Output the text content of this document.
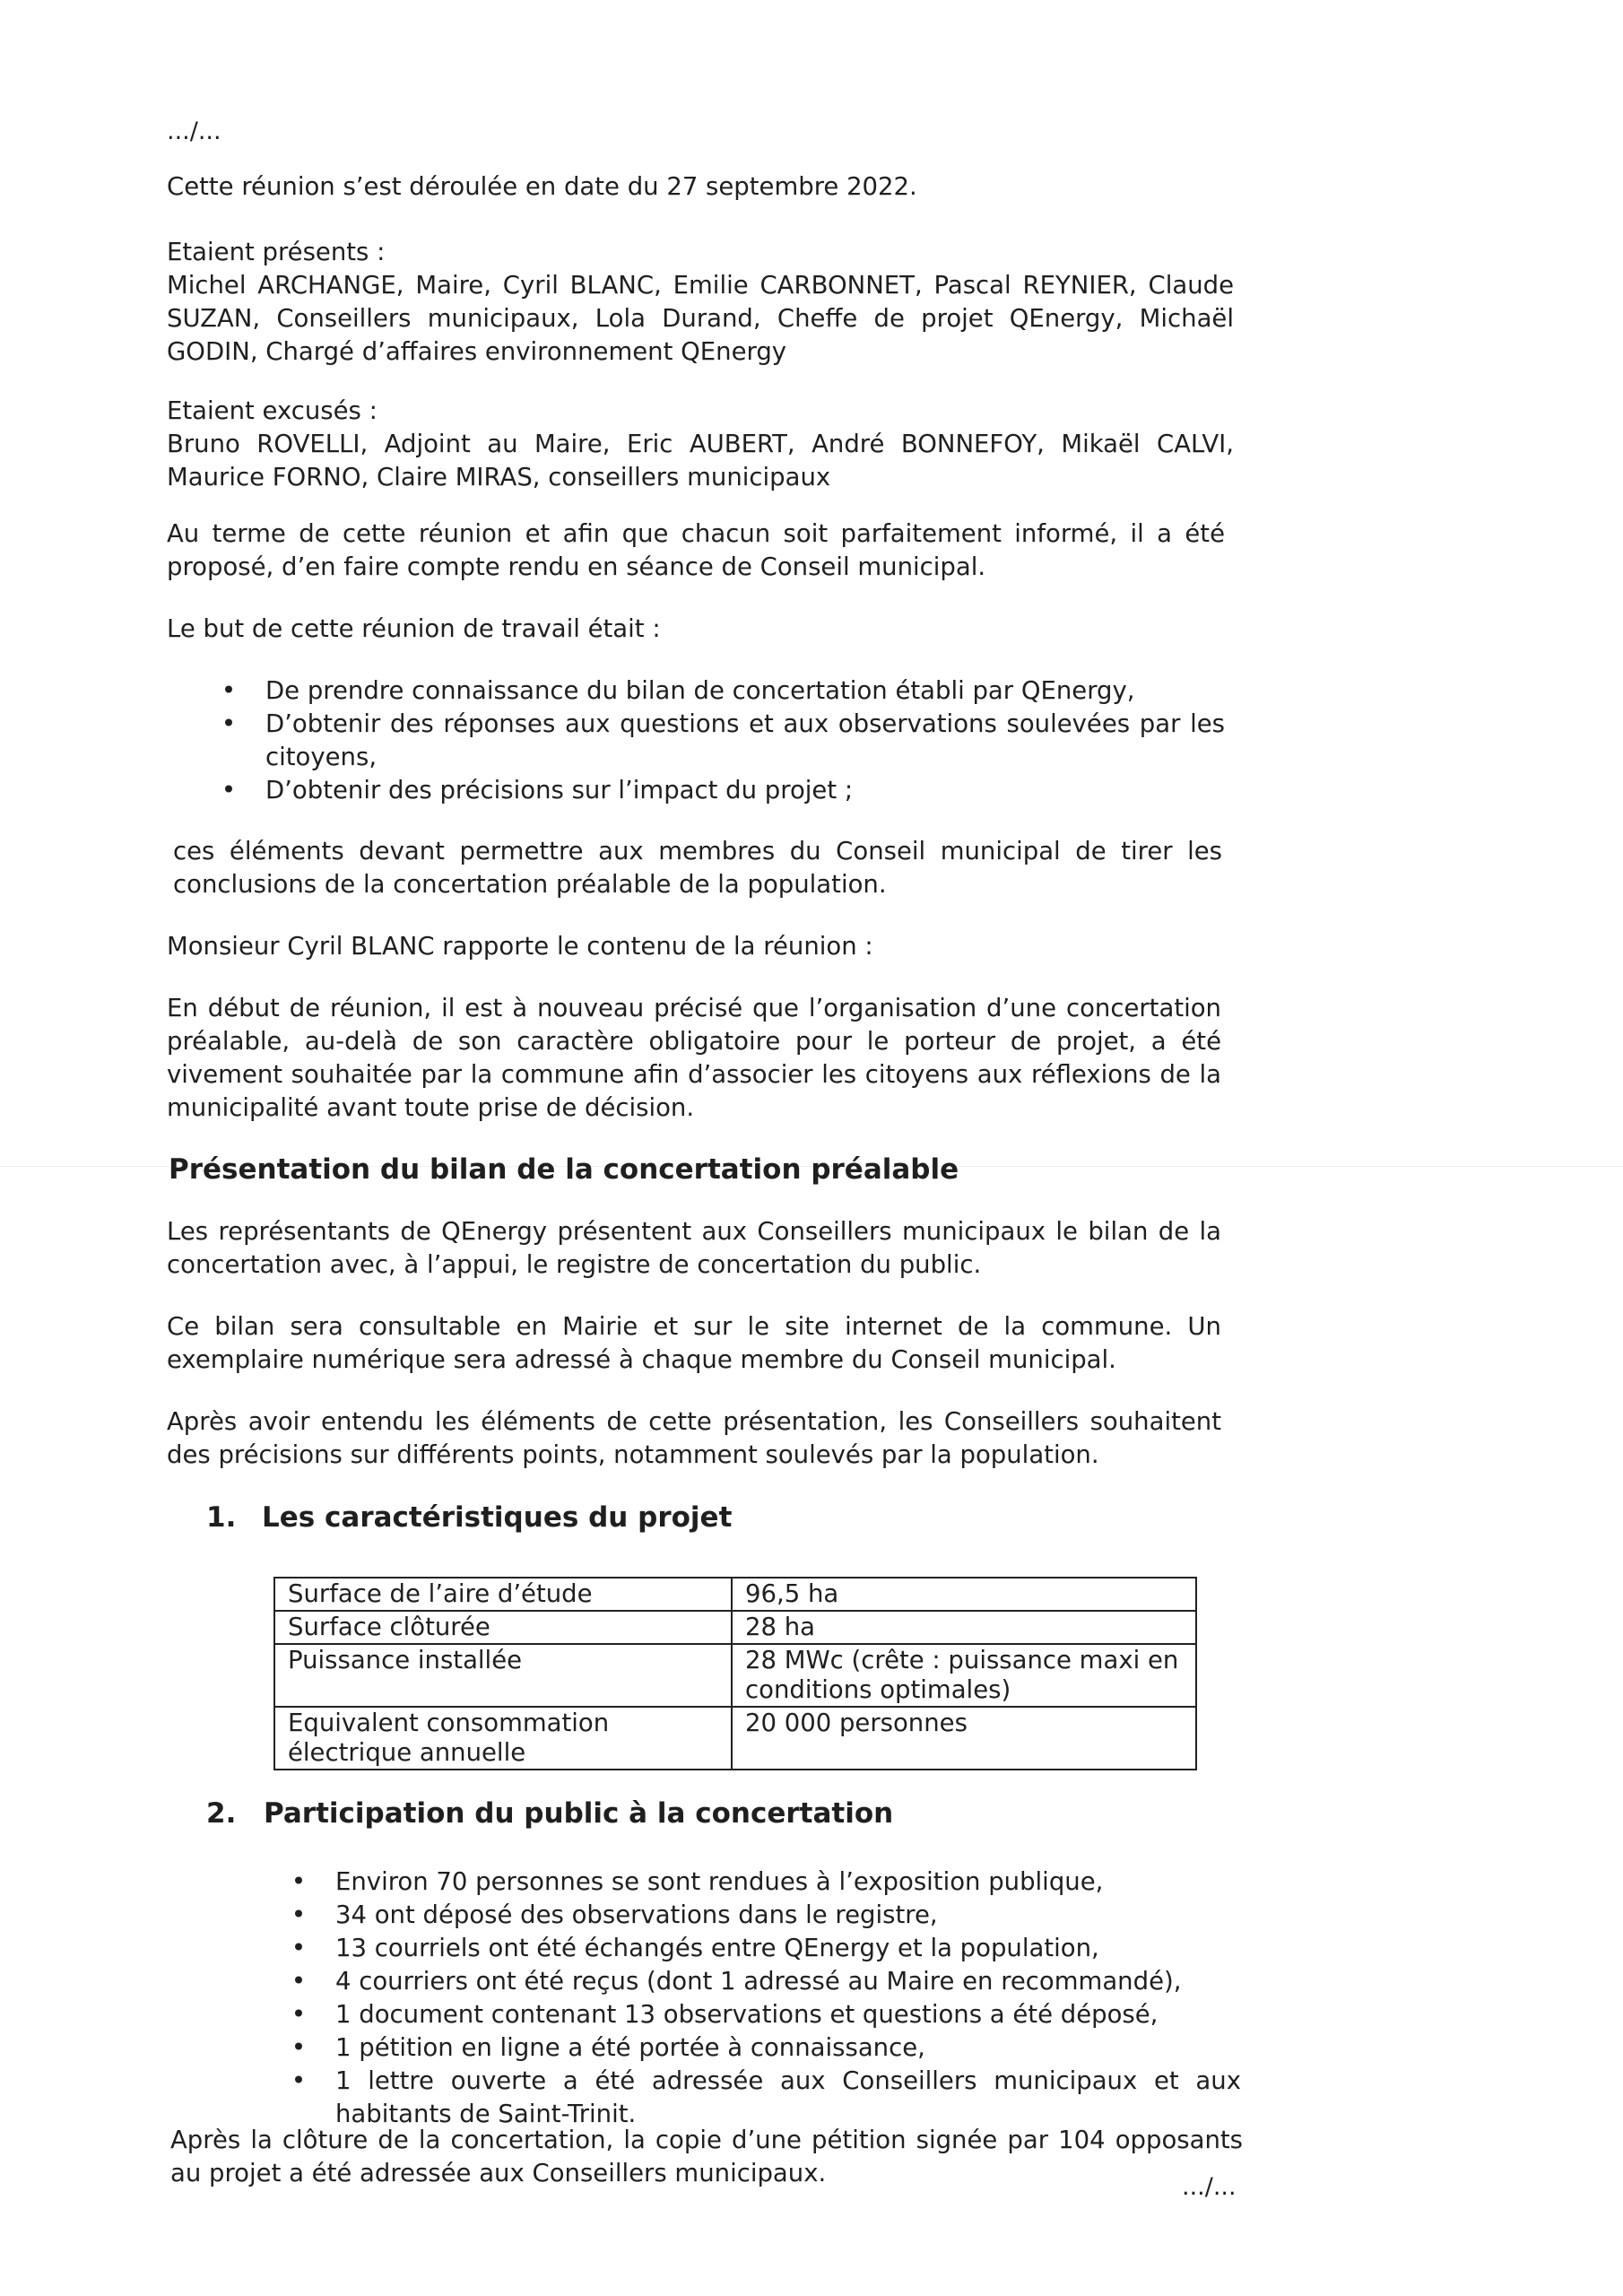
.../...

Cette réunion s’est déroulée en date du 27 septembre 2022.

Etaient présents :
Michel ARCHANGE, Maire, Cyril BLANC, Emilie CARBONNET, Pascal REYNIER, Claude SUZAN, Conseillers municipaux, Lola Durand, Cheffe de projet QEnergy, Michaël GODIN, Chargé d’affaires environnement QEnergy
Etaient excusés :
Bruno ROVELLI, Adjoint au Maire, Eric AUBERT, André BONNEFOY, Mikaël CALVI, Maurice FORNO, Claire MIRAS, conseillers municipaux

Au terme de cette réunion et afin que chacun soit parfaitement informé, il a été proposé, d’en faire compte rendu en séance de Conseil municipal.

Le but de cette réunion de travail était :

• De prendre connaissance du bilan de concertation établi par QEnergy,
• D’obtenir des réponses aux questions et aux observations soulevées par les citoyens,
• D’obtenir des précisions sur l’impact du projet ;

ces éléments devant permettre aux membres du Conseil municipal de tirer les conclusions de la concertation préalable de la population.

Monsieur Cyril BLANC rapporte le contenu de la réunion :

En début de réunion, il est à nouveau précisé que l’organisation d’une concertation préalable, au-delà de son caractère obligatoire pour le porteur de projet, a été vivement souhaitée par la commune afin d’associer les citoyens aux réflexions de la municipalité avant toute prise de décision.

Présentation du bilan de la concertation préalable

Les représentants de QEnergy présentent aux Conseillers municipaux le bilan de la concertation avec, à l’appui, le registre de concertation du public.

Ce bilan sera consultable en Mairie et sur le site internet de la commune. Un exemplaire numérique sera adressé à chaque membre du Conseil municipal.

Après avoir entendu les éléments de cette présentation, les Conseillers souhaitent des précisions sur différents points, notamment soulevés par la population.

1. Les caractéristiques du projet
Surface de l’aire d’étude	96,5 ha
Surface clôturée	28 ha
Puissance installée	28 MWc (crête : puissance maxi en conditions optimales)
Equivalent consommation électrique annuelle	20 000 personnes
2. Participation du public à la concertation
• Environ 70 personnes se sont rendues à l’exposition publique,
• 34 ont déposé des observations dans le registre,
• 13 courriels ont été échangés entre QEnergy et la population,
• 4 courriers ont été reçus (dont 1 adressé au Maire en recommandé),
• 1 document contenant 13 observations et questions a été déposé,
• 1 pétition en ligne a été portée à connaissance,
• 1 lettre ouverte a été adressée aux Conseillers municipaux et aux habitants de Saint-Trinit.

Après la clôture de la concertation, la copie d’une pétition signée par 104 opposants au projet a été adressée aux Conseillers municipaux.	.../...
